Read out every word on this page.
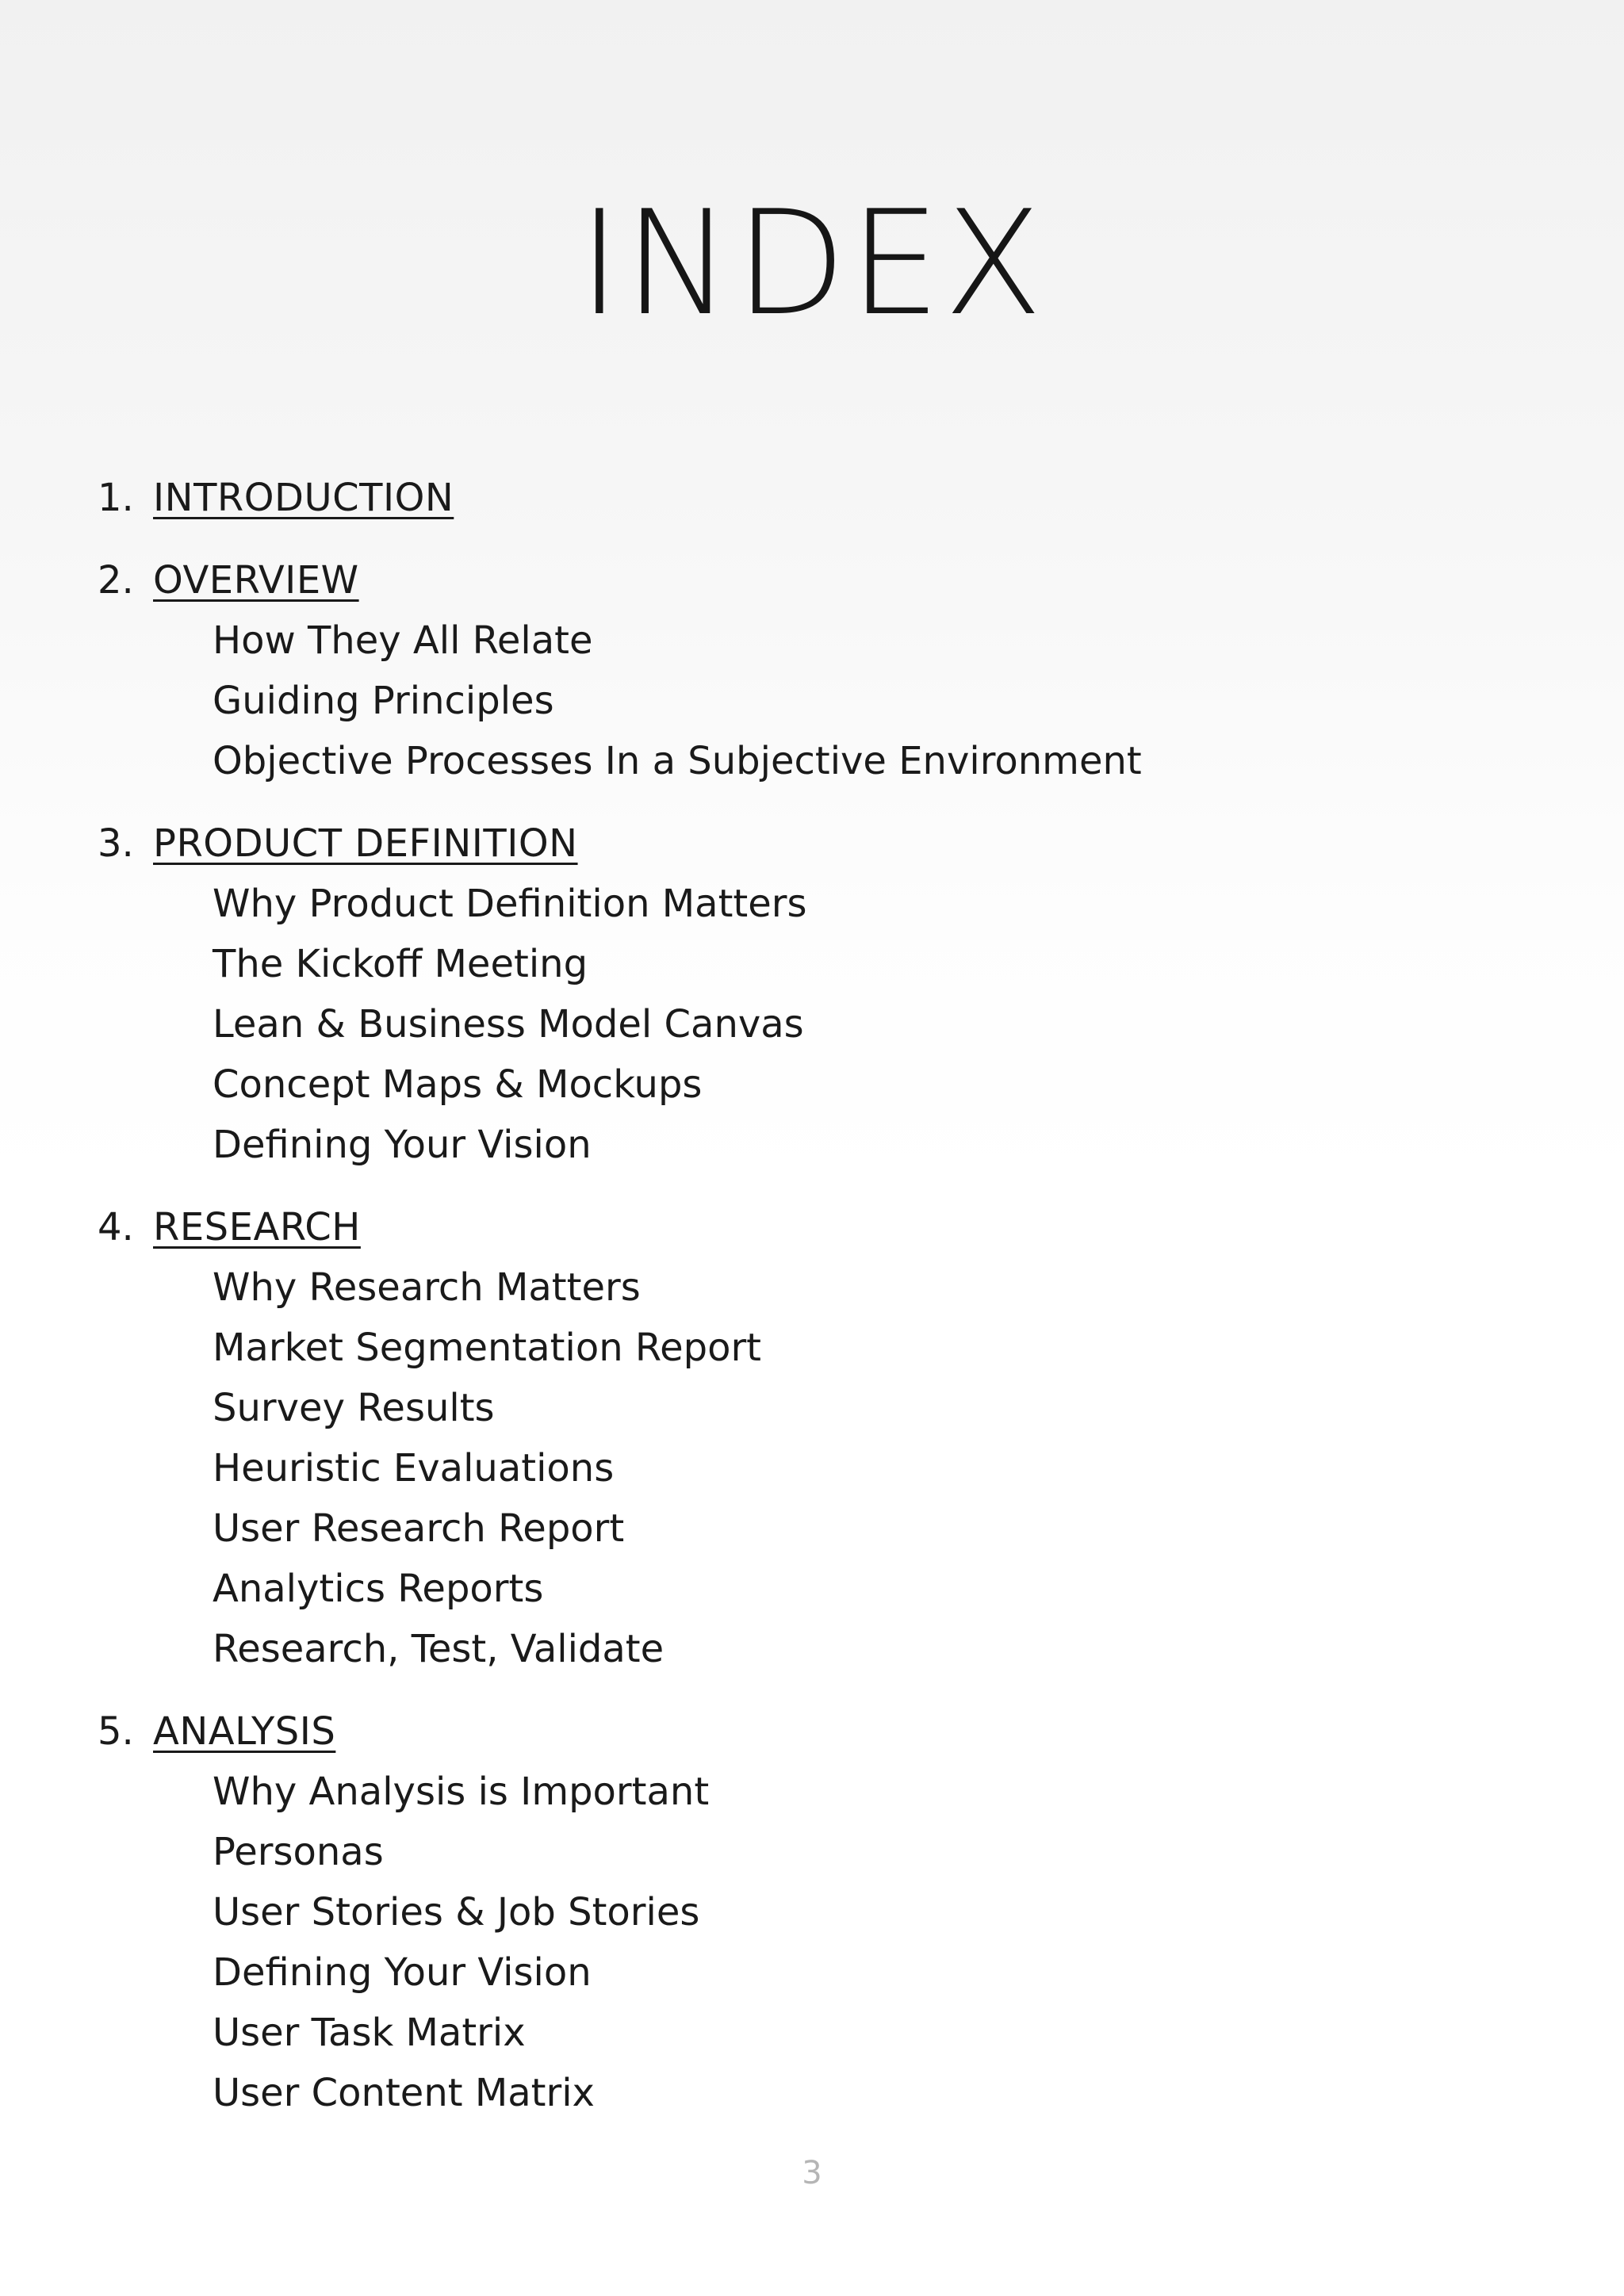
INDEX
1. INTRODUCTION
2. OVERVIEW
How They All Relate
Guiding Principles
Objective Processes In a Subjective Environment
3. PRODUCT DEFINITION
Why Product Definition Matters
The Kickoff Meeting
Lean & Business Model Canvas
Concept Maps & Mockups
Defining Your Vision
4. RESEARCH
Why Research Matters
Market Segmentation Report
Survey Results
Heuristic Evaluations
User Research Report
Analytics Reports
Research, Test, Validate
5. ANALYSIS
Why Analysis is Important
Personas
User Stories & Job Stories
Defining Your Vision
User Task Matrix
User Content Matrix
3
